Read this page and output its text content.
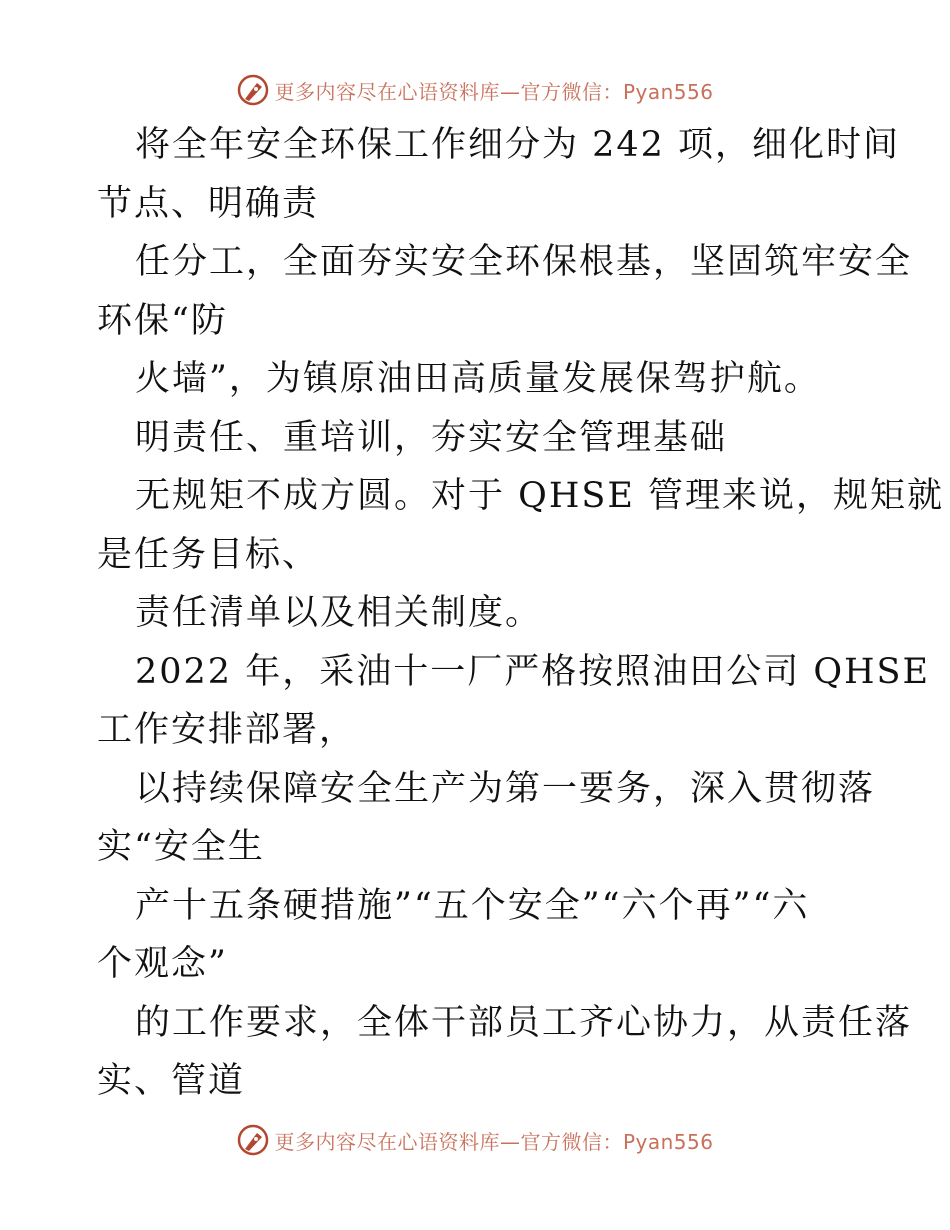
更多内容尽在心语资料库—官方微信：Pyan556
将全年安全环保工作细分为 242 项，细化时间
节点、明确责
任分工，全面夯实安全环保根基，坚固筑牢安全
环保“防
火墙”，为镇原油田高质量发展保驾护航。
明责任、重培训，夯实安全管理基础
无规矩不成方圆。对于 QHSE 管理来说，规矩就
是任务目标、
责任清单以及相关制度。
2022 年，采油十一厂严格按照油田公司 QHSE
工作安排部署，
以持续保障安全生产为第一要务，深入贯彻落
实“安全生
产十五条硬措施”“五个安全”“六个再”“六
个观念”
的工作要求，全体干部员工齐心协力，从责任落
实、管道
更多内容尽在心语资料库—官方微信：Pyan556
